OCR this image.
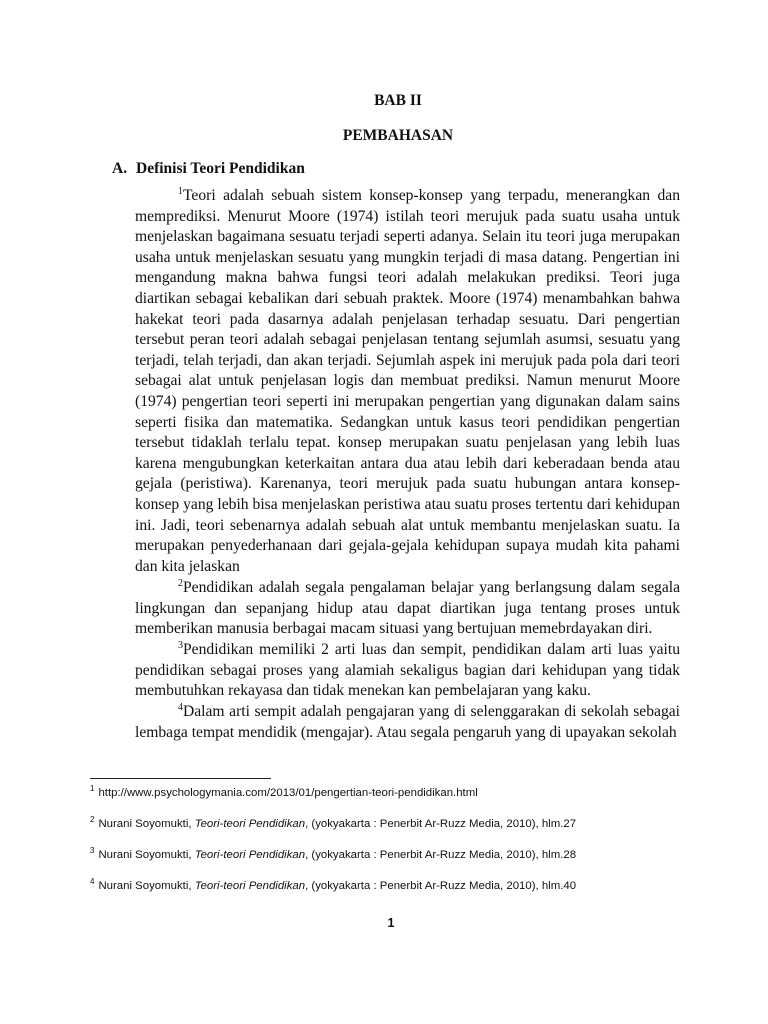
BAB II
PEMBAHASAN
A. Definisi Teori Pendidikan

$^1$Teori adalah sebuah sistem konsep-konsep yang terpadu, menerangkan dan memprediksi. Menurut Moore (1974) istilah teori merujuk pada suatu usaha untuk menjelaskan bagaimana sesuatu terjadi seperti adanya. Selain itu teori juga merupakan usaha untuk menjelaskan sesuatu yang mungkin terjadi di masa datang. Pengertian ini mengandung makna bahwa fungsi teori adalah melakukan prediksi. Teori juga diartikan sebagai kebalikan dari sebuah praktek. Moore (1974) menambahkan bahwa hakekat teori pada dasarnya adalah penjelasan terhadap sesuatu. Dari pengertian tersebut peran teori adalah sebagai penjelasan tentang sejumlah asumsi, sesuatu yang terjadi, telah terjadi, dan akan terjadi. Sejumlah aspek ini merujuk pada pola dari teori sebagai alat untuk penjelasan logis dan membuat prediksi. Namun menurut Moore (1974) pengertian teori seperti ini merupakan pengertian yang digunakan dalam sains seperti fisika dan matematika. Sedangkan untuk kasus teori pendidikan pengertian tersebut tidaklah terlalu tepat. konsep merupakan suatu penjelasan yang lebih luas karena mengubungkan keterkaitan antara dua atau lebih dari keberadaan benda atau gejala (peristiwa). Karenanya, teori merujuk pada suatu hubungan antara konsep-konsep yang lebih bisa menjelaskan peristiwa atau suatu proses tertentu dari kehidupan ini. Jadi, teori sebenarnya adalah sebuah alat untuk membantu menjelaskan suatu. Ia merupakan penyederhanaan dari gejala-gejala kehidupan supaya mudah kita pahami dan kita jelaskan

$^2$Pendidikan adalah segala pengalaman belajar yang berlangsung dalam segala lingkungan dan sepanjang hidup atau dapat diartikan juga tentang proses untuk memberikan manusia berbagai macam situasi yang bertujuan memebrdayakan diri.

$^3$Pendidikan memiliki 2 arti luas dan sempit, pendidikan dalam arti luas yaitu pendidikan sebagai proses yang alamiah sekaligus bagian dari kehidupan yang tidak membutuhkan rekayasa dan tidak menekan kan pembelajaran yang kaku.

$^4$Dalam arti sempit adalah pengajaran yang di selenggarakan di sekolah sebagai lembaga tempat mendidik (mengajar). Atau segala pengaruh yang di upayakan sekolah

$^1$ http://www.psychologymania.com/2013/01/pengertian-teori-pendidikan.html
$^2$ Nurani Soyomukti, Teori-teori Pendidikan, (yokyakarta : Penerbit Ar-Ruzz Media, 2010), hlm.27
$^3$ Nurani Soyomukti, Teori-teori Pendidikan, (yokyakarta : Penerbit Ar-Ruzz Media, 2010), hlm.28
$^4$ Nurani Soyomukti, Teori-teori Pendidikan, (yokyakarta : Penerbit Ar-Ruzz Media, 2010), hlm.40
1
